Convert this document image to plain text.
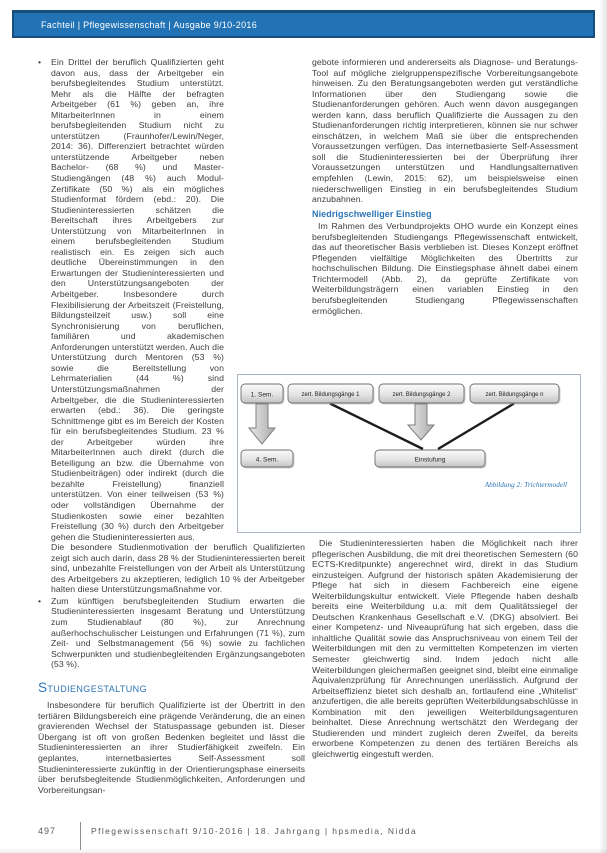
Fachteil | Pflegewissenschaft | Ausgabe 9/10-2016
•	Ein Drittel der beruflich Qualifizierten geht davon aus, dass der Arbeitgeber ein berufsbegleitendes Studium unterstützt. Mehr als die Hälfte der befragten Arbeitgeber (61 %) geben an, ihre MitarbeiterInnen in einem berufsbegleitenden Studium nicht zu unterstützen (Fraunhofer/Lewin/Neger, 2014: 36). Differenziert betrachtet würden unterstützende Arbeitgeber neben Bachelor- (68 %) und Master-Studiengängen (48 %) auch Modul-Zertifikate (50 %) als ein mögliches Studienformat fördern (ebd.: 20). Die Studieninteressierten schätzen die Bereitschaft ihres Arbeitgebers zur Unterstützung von MitarbeiterInnen in einem berufsbegleitenden Studium realistisch ein. Es zeigen sich auch deutliche Übereinstimmungen in den Erwartungen der Studieninteressierten und den Unterstützungsangeboten der Arbeitgeber. Insbesondere durch Flexibilisierung der Arbeitszeit (Freistellung, Bildungsteilzeit usw.) soll eine Synchronisierung von beruflichen, familiären und akademischen Anforderungen unterstützt werden. Auch die Unterstützung durch Mentoren (53 %) sowie die Bereitstellung von Lehrmaterialien (44 %) sind Unterstützungsmaßnahmen der Arbeitgeber, die die Studieninteressierten erwarten (ebd.: 36). Die geringste Schnittmenge gibt es im Bereich der Kosten für ein berufsbegleitendes Studium. 23 % der Arbeitgeber würden ihre MitarbeiterInnen auch direkt (durch die Beteiligung an bzw. die Übernahme von Studienbeiträgen) oder indirekt (durch die bezahlte Freistellung) finanziell unterstützen. Von einer teilweisen (53 %) oder vollständigen Übernahme der Studienkosten sowie einer bezahlten Freistellung (30 %) durch den Arbeitgeber gehen die Studieninteressierten aus.
Die besondere Studienmotivation der beruflich Qualifizierten zeigt sich auch darin, dass 28 % der Studieninteressierten bereit sind, unbezahlte Freistellungen von der Arbeit als Unterstützung des Arbeitgebers zu akzeptieren, lediglich 10 % der Arbeitgeber halten diese Unterstützungsmaßnahme vor.
•	Zum künftigen berufsbegleitenden Studium erwarten die Studieninteressierten insgesamt Beratung und Unterstützung zum Studienablauf (80 %), zur Anrechnung außerhochschulischer Leistungen und Erfahrungen (71 %), zum Zeit- und Selbstmanagement (56 %) sowie zu fachlichen Schwerpunkten und studienbegleitenden Ergänzungsangeboten (53 %).
Studiengestaltung

Insbesondere für beruflich Qualifizierte ist der Übertritt in den tertiären Bildungsbereich eine prägende Veränderung, die an einen gravierenden Wechsel der Statuspassage gebunden ist. Dieser Übergang ist oft von großen Bedenken begleitet und lässt die Studieninteressierten an ihrer Studierfähigkeit zweifeln. Ein geplantes, internetbasiertes Self-Assessment soll Studieninteressierte zukünftig in der Orientierungsphase einerseits über berufsbegleitende Studienmöglichkeiten, Anforderungen und Vorbereitungsan-

gebote informieren und andererseits als Diagnose- und Beratungs-Tool auf mögliche zielgruppenspezifische Vorbereitungsangebote hinweisen. Zu den Beratungsangeboten werden gut verständliche Informationen über den Studiengang sowie die Studienanforderungen gehören. Auch wenn davon ausgegangen werden kann, dass beruflich Qualifizierte die Aussagen zu den Studienanforderungen richtig interpretieren, können sie nur schwer einschätzen, in welchem Maß sie über die entsprechenden Voraussetzungen verfügen. Das internetbasierte Self-Assessment soll die Studieninteressierten bei der Überprüfung ihrer Voraussetzungen unterstützen und Handlungsalternativen empfehlen (Lewin, 2015: 62), um beispielsweise einen niederschwelligen Einstieg in ein berufsbegleitendes Studium anzubahnen.

Niedrigschwelliger Einstieg

Im Rahmen des Verbundprojekts OHO wurde ein Konzept eines berufsbegleitenden Studiengangs Pflegewissenschaft entwickelt, das auf theoretischer Basis verblieben ist. Dieses Konzept eröffnet Pflegenden vielfältige Möglichkeiten des Übertritts zur hochschulischen Bildung. Die Einstiegsphase ähnelt dabei einem Trichtermodell (Abb. 2), da geprüfte Zertifikate von Weiterbildungsträgern einen variablen Einstieg in den berufsbegleitenden Studiengang Pflegewissenschaften ermöglichen.

1. Sem.	zert. Bildungsgänge 1	zert. Bildungsgänge 2	zert. Bildungsgänge n
4. Sem.	Einstufung
Abbildung 2: Trichtermodell

Die Studieninteressierten haben die Möglichkeit nach ihrer pflegerischen Ausbildung, die mit drei theoretischen Semestern (60 ECTS-Kreditpunkte) angerechnet wird, direkt in das Studium einzusteigen. Aufgrund der historisch späten Akademisierung der Pflege hat sich in diesem Fachbereich eine eigene Weiterbildungskultur entwickelt. Viele Pflegende haben deshalb bereits eine Weiterbildung u.a. mit dem Qualitätssiegel der Deutschen Krankenhaus Gesellschaft e.V. (DKG) absolviert. Bei einer Kompetenz- und Niveauprüfung hat sich ergeben, dass die inhaltliche Qualität sowie das Anspruchsniveau von einem Teil der Weiterbildungen mit den zu vermittelten Kompetenzen im vierten Semester gleichwertig sind. Indem jedoch nicht alle Weiterbildungen gleichermaßen geeignet sind, bleibt eine einmalige Äquivalenzprüfung für Anrechnungen unerlässlich. Aufgrund der Arbeitseffizienz bietet sich deshalb an, fortlaufend eine „Whitelist“ anzufertigen, die alle bereits geprüften Weiterbildungsabschlüsse in Kombination mit den jeweiligen Weiterbildungsagenturen beinhaltet. Diese Anrechnung wertschätzt den Werdegang der Studierenden und mindert zugleich deren Zweifel, da bereits erworbene Kompetenzen zu denen des tertiären Bereichs als gleichwertig eingestuft werden.

497	Pflegewissenschaft 9/10-2016 | 18. Jahrgang | hpsmedia, Nidda
